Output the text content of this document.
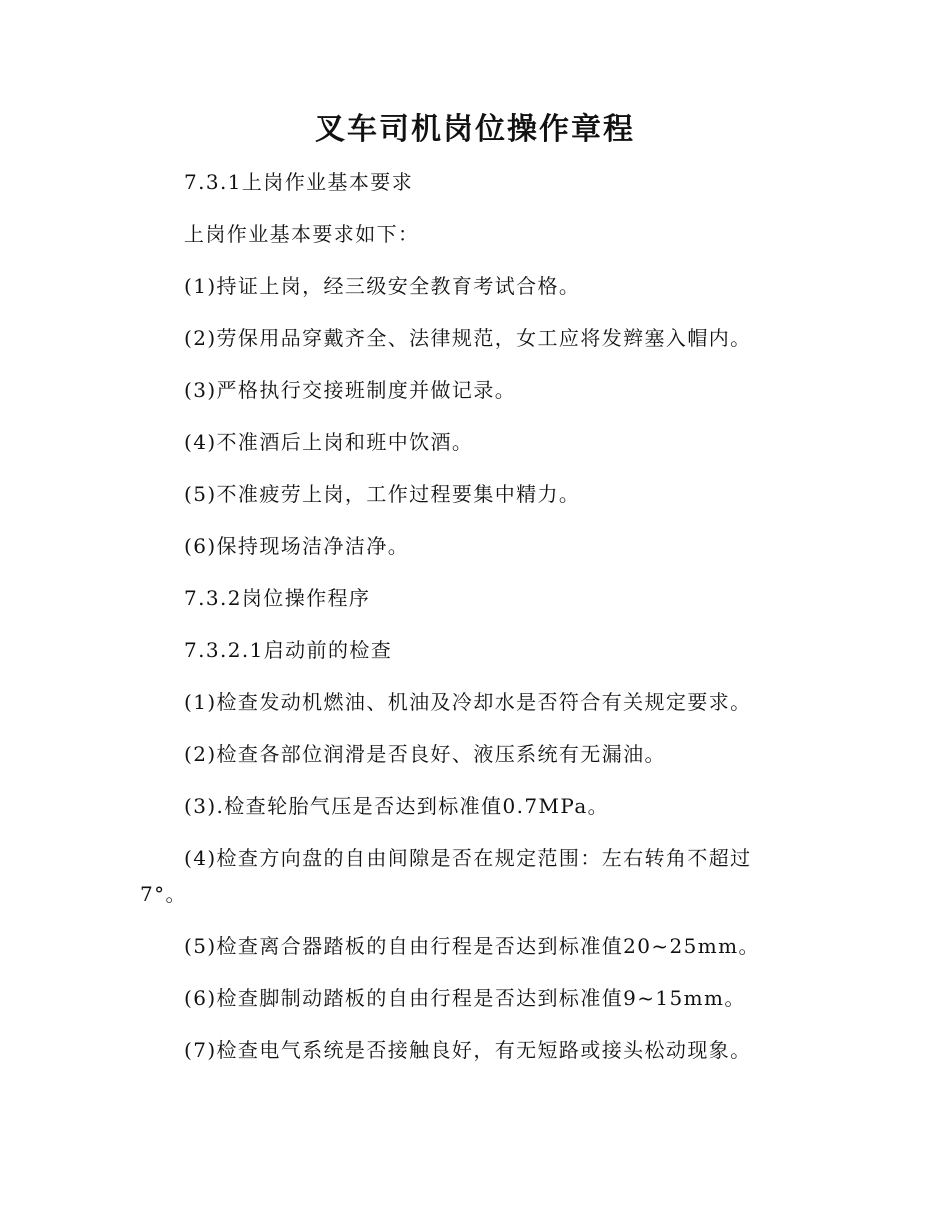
叉车司机岗位操作章程

7.3.1上岗作业基本要求

上岗作业基本要求如下：

(1)持证上岗，经三级安全教育考试合格。

(2)劳保用品穿戴齐全、法律规范，女工应将发辫塞入帽内。

(3)严格执行交接班制度并做记录。

(4)不准酒后上岗和班中饮酒。

(5)不准疲劳上岗，工作过程要集中精力。

(6)保持现场洁净洁净。

7.3.2岗位操作程序

7.3.2.1启动前的检查

(1)检查发动机燃油、机油及冷却水是否符合有关规定要求。

(2)检查各部位润滑是否良好、液压系统有无漏油。

(3).检查轮胎气压是否达到标准值0.7MPa。

(4)检查方向盘的自由间隙是否在规定范围：左右转角不超过7°。

(5)检查离合器踏板的自由行程是否达到标准值20~25mm。

(6)检查脚制动踏板的自由行程是否达到标准值9~15mm。

(7)检查电气系统是否接触良好，有无短路或接头松动现象。
